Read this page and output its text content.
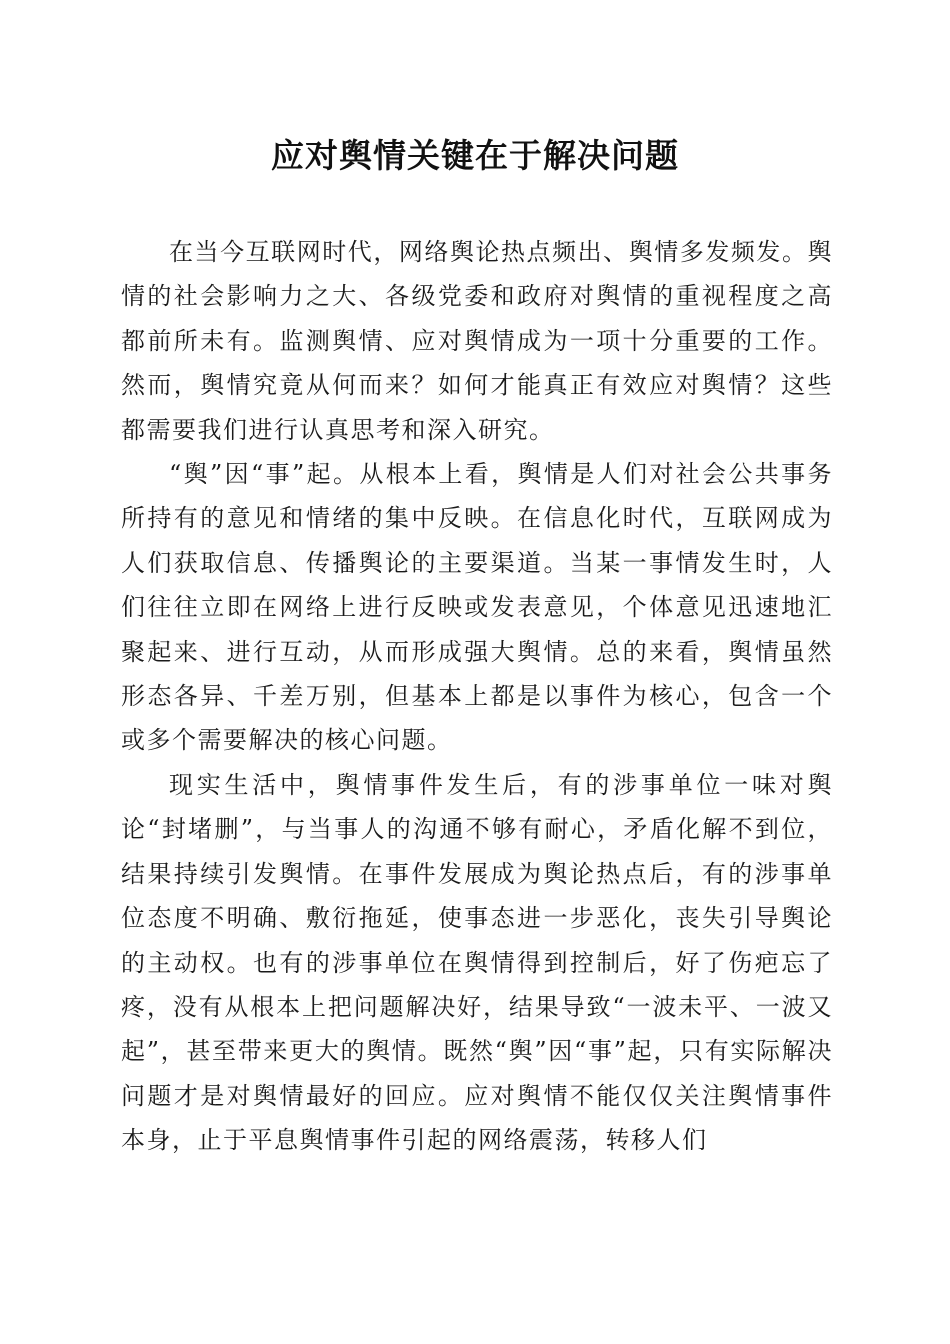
应对舆情关键在于解决问题

在当今互联网时代，网络舆论热点频出、舆情多发频发。舆情的社会影响力之大、各级党委和政府对舆情的重视程度之高都前所未有。监测舆情、应对舆情成为一项十分重要的工作。然而，舆情究竟从何而来？如何才能真正有效应对舆情？这些都需要我们进行认真思考和深入研究。

“舆”因“事”起。从根本上看，舆情是人们对社会公共事务所持有的意见和情绪的集中反映。在信息化时代，互联网成为人们获取信息、传播舆论的主要渠道。当某一事情发生时，人们往往立即在网络上进行反映或发表意见，个体意见迅速地汇聚起来、进行互动，从而形成强大舆情。总的来看，舆情虽然形态各异、千差万别，但基本上都是以事件为核心，包含一个或多个需要解决的核心问题。

现实生活中，舆情事件发生后，有的涉事单位一味对舆论“封堵删”，与当事人的沟通不够有耐心，矛盾化解不到位，结果持续引发舆情。在事件发展成为舆论热点后，有的涉事单位态度不明确、敷衍拖延，使事态进一步恶化，丧失引导舆论的主动权。也有的涉事单位在舆情得到控制后，好了伤疤忘了疼，没有从根本上把问题解决好，结果导致“一波未平、一波又起”，甚至带来更大的舆情。既然“舆”因“事”起，只有实际解决问题才是对舆情最好的回应。应对舆情不能仅仅关注舆情事件本身，止于平息舆情事件引起的网络震荡，转移人们
